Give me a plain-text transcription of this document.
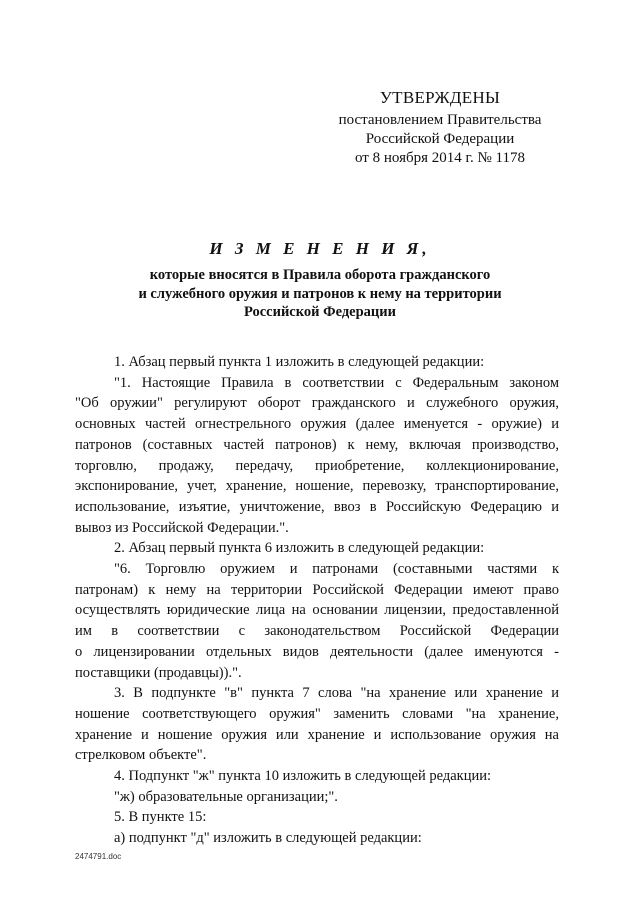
УТВЕРЖДЕНЫ
постановлением Правительства
Российской Федерации
от 8 ноября 2014 г. № 1178
И З М Е Н Е Н И Я,
которые вносятся в Правила оборота гражданского
и служебного оружия и патронов к нему на территории
Российской Федерации
1. Абзац первый пункта 1 изложить в следующей редакции:
"1. Настоящие Правила в соответствии с Федеральным законом
"Об оружии" регулируют оборот гражданского и служебного оружия,
основных частей огнестрельного оружия (далее именуется - оружие) и
патронов (составных частей патронов) к нему, включая производство,
торговлю, продажу, передачу, приобретение, коллекционирование,
экспонирование, учет, хранение, ношение, перевозку, транспортирование,
использование, изъятие, уничтожение, ввоз в Российскую Федерацию и
вывоз из Российской Федерации.".
2. Абзац первый пункта 6 изложить в следующей редакции:
"6. Торговлю оружием и патронами (составными частями к
патронам) к нему на территории Российской Федерации имеют право
осуществлять юридические лица на основании лицензии, предоставленной
им в соответствии с законодательством Российской Федерации
о лицензировании отдельных видов деятельности (далее именуются -
поставщики (продавцы)).".
3. В подпункте "в" пункта 7 слова "на хранение или хранение и
ношение соответствующего оружия" заменить словами "на хранение,
хранение и ношение оружия или хранение и использование оружия на
стрелковом объекте".
4. Подпункт "ж" пункта 10 изложить в следующей редакции:
"ж) образовательные организации;".
5. В пункте 15:
а) подпункт "д" изложить в следующей редакции:
2474791.doc
